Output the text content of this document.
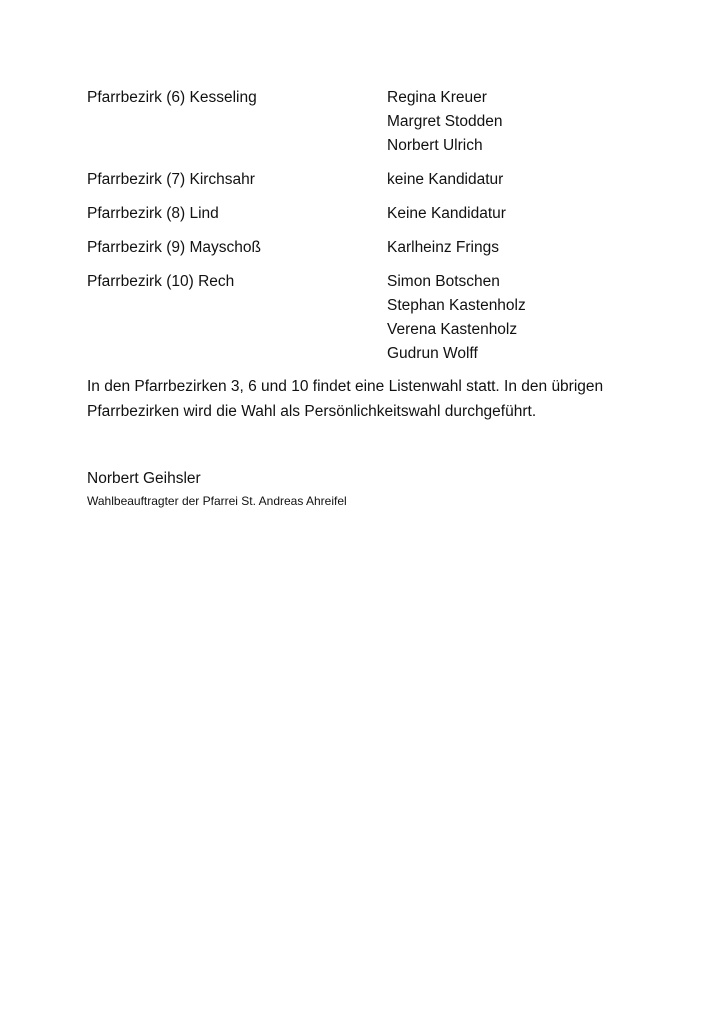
Pfarrbezirk (6) Kesseling	Regina Kreuer
Margret Stodden
Norbert Ulrich
Pfarrbezirk (7) Kirchsahr	keine Kandidatur
Pfarrbezirk (8) Lind	Keine Kandidatur
Pfarrbezirk (9) Mayschoß	Karlheinz Frings
Pfarrbezirk (10) Rech	Simon Botschen
Stephan Kastenholz
Verena Kastenholz
Gudrun Wolff

In den Pfarrbezirken 3, 6 und 10 findet eine Listenwahl statt. In den übrigen Pfarrbezirken wird die Wahl als Persönlichkeitswahl durchgeführt.

Norbert Geihsler
Wahlbeauftragter der Pfarrei St. Andreas Ahreifel
